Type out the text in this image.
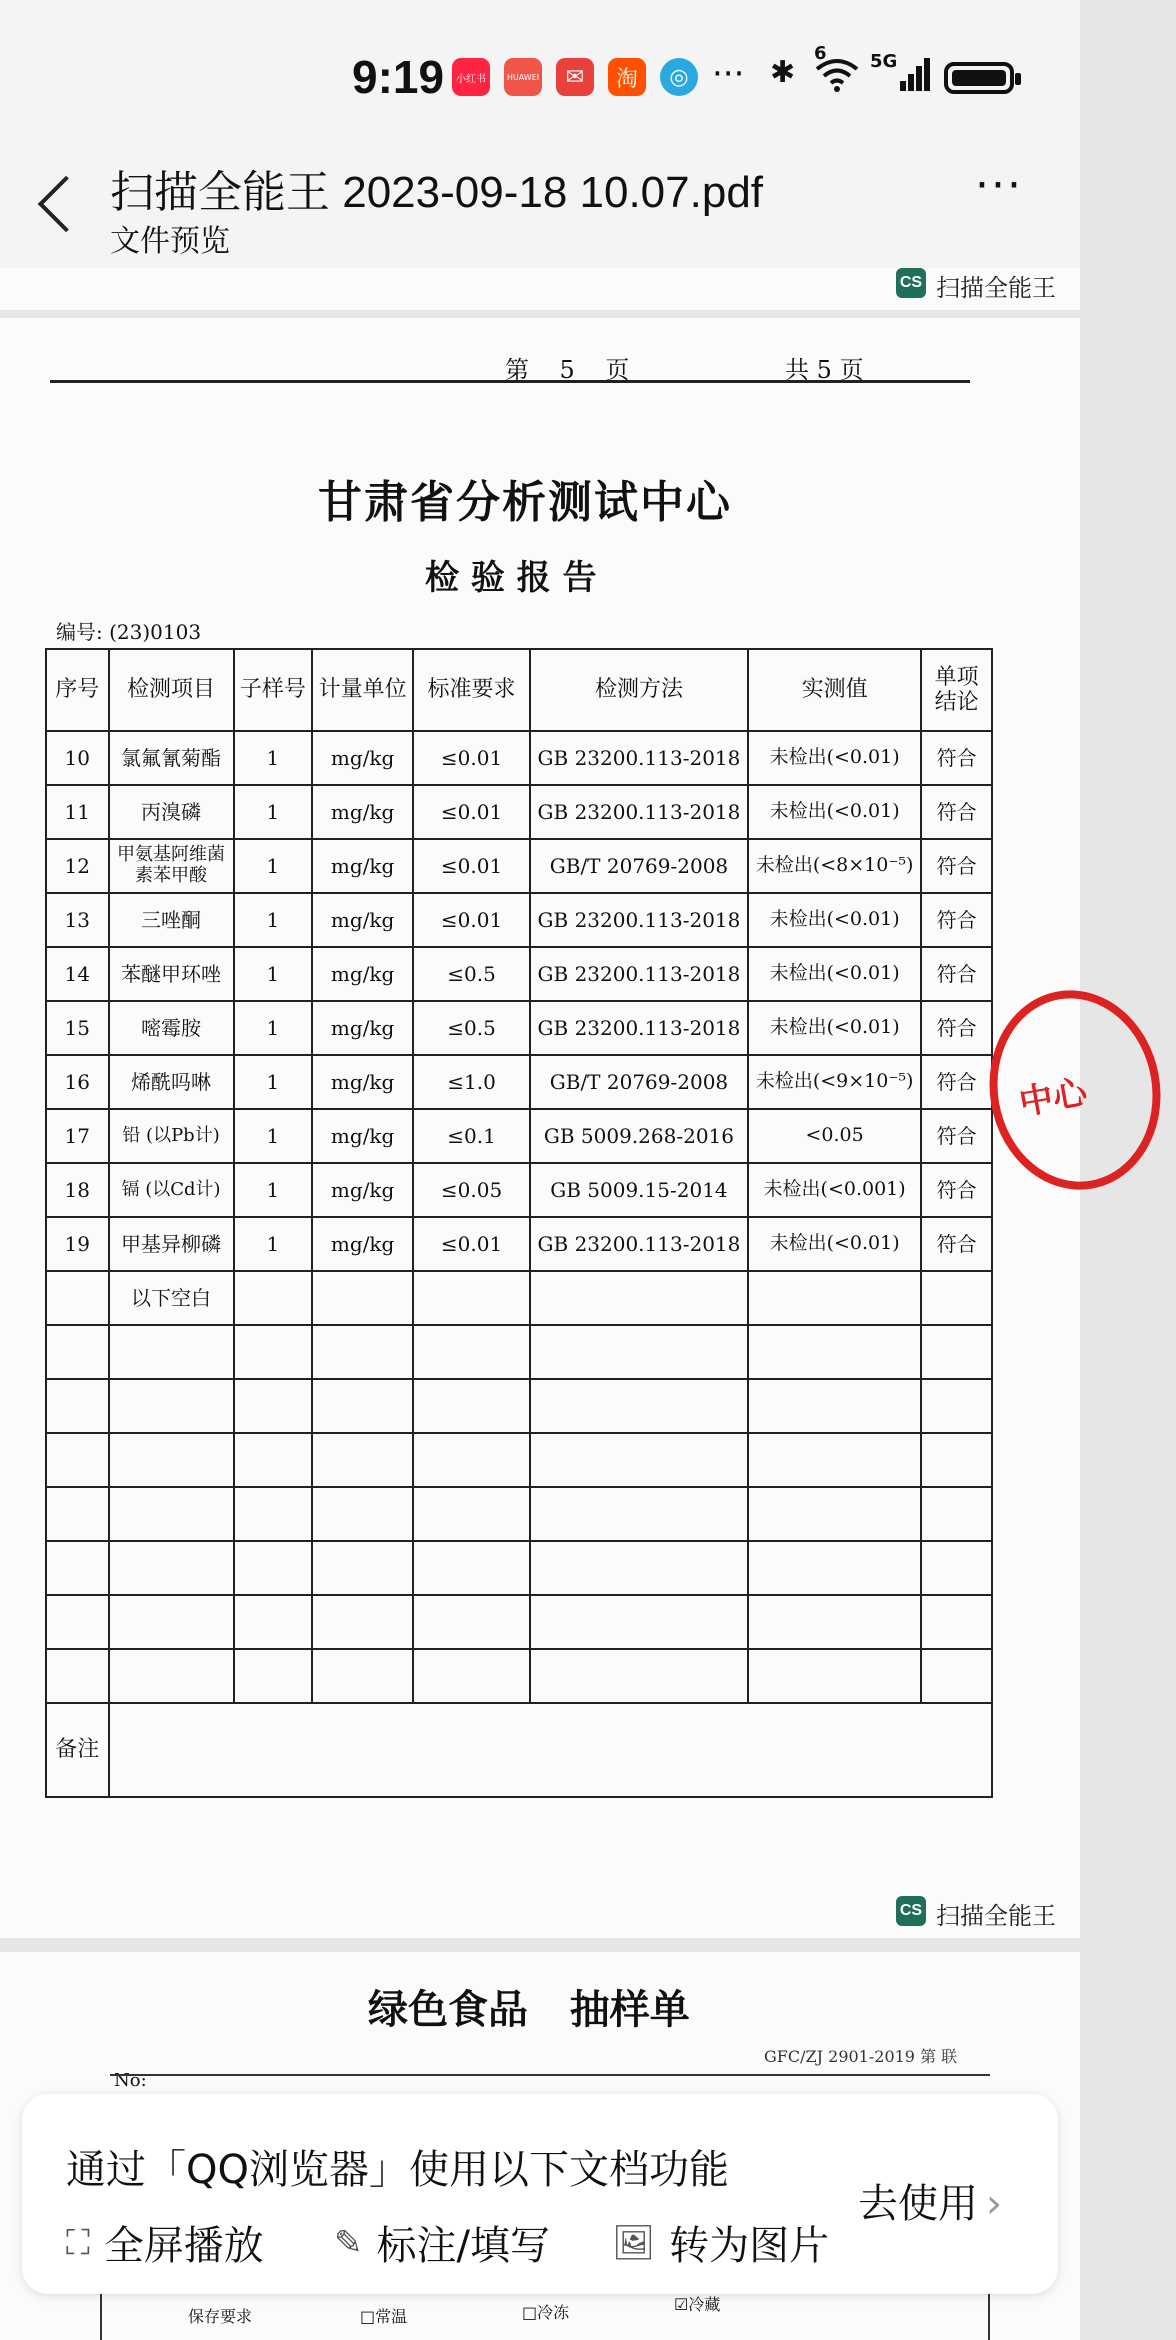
9:19	小红书	HUAWEI	✉	淘	◎ ··· ✱
6 5G
扫描全能王 2023-09-18 10.07.pdf
文件预览
···
CS 扫描全能王
第 5 页	共 5 页
甘肃省分析测试中心
检 验 报 告
编号: (23)0103
序号	检测项目	子样号	计量单位	标准要求	检测方法	实测值	单项结论
10	氯氟氰菊酯	1	mg/kg	≤0.01	GB 23200.113-2018	未检出(<0.01)	符合
11	丙溴磷	1	mg/kg	≤0.01	GB 23200.113-2018	未检出(<0.01)	符合
12	甲氨基阿维菌素苯甲酸	1	mg/kg	≤0.01	GB/T 20769-2008	未检出(<8×10⁻⁵)	符合
13	三唑酮	1	mg/kg	≤0.01	GB 23200.113-2018	未检出(<0.01)	符合
14	苯醚甲环唑	1	mg/kg	≤0.5	GB 23200.113-2018	未检出(<0.01)	符合
15	嘧霉胺	1	mg/kg	≤0.5	GB 23200.113-2018	未检出(<0.01)	符合
16	烯酰吗啉	1	mg/kg	≤1.0	GB/T 20769-2008	未检出(<9×10⁻⁵)	符合
17	铅 (以Pb计)	1	mg/kg	≤0.1	GB 5009.268-2016	<0.05	符合
18	镉 (以Cd计)	1	mg/kg	≤0.05	GB 5009.15-2014	未检出(<0.001)	符合
19	甲基异柳磷	1	mg/kg	≤0.01	GB 23200.113-2018	未检出(<0.01)	符合
	以下空白						

备注							
中心
CS 扫描全能王
绿色食品   抽样单
GFC/ZJ 2901-2019 第 联
No:
保存要求	□常温	□冷冻	☑冷藏
通过「QQ浏览器」使用以下文档功能
⛶ 全屏播放 ✎ 标注/填写 🖼 转为图片
去使用 ›
